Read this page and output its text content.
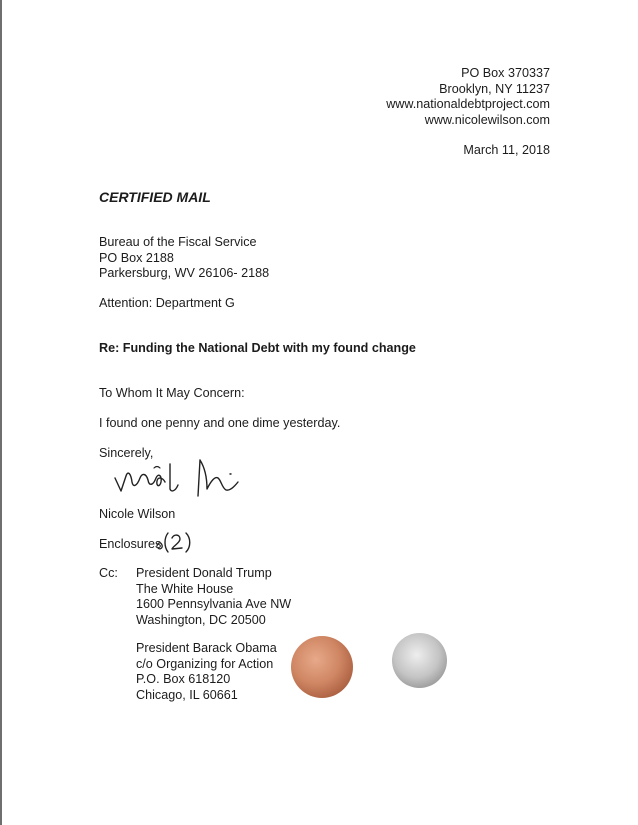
PO Box 370337
Brooklyn, NY 11237
www.nationaldebtproject.com
www.nicolewilson.com
March 11, 2018
CERTIFIED MAIL
Bureau of the Fiscal Service
PO Box 2188
Parkersburg, WV 26106- 2188
Attention: Department G
Re: Funding the National Debt with my found change
To Whom It May Concern:
I found one penny and one dime yesterday.
Sincerely,
Nicole Wilson
Enclosures
Cc: President Donald Trump
The White House
1600 Pennsylvania Ave NW
Washington, DC 20500
President Barack Obama
c/o Organizing for Action
P.O. Box 618120
Chicago, IL 60661
